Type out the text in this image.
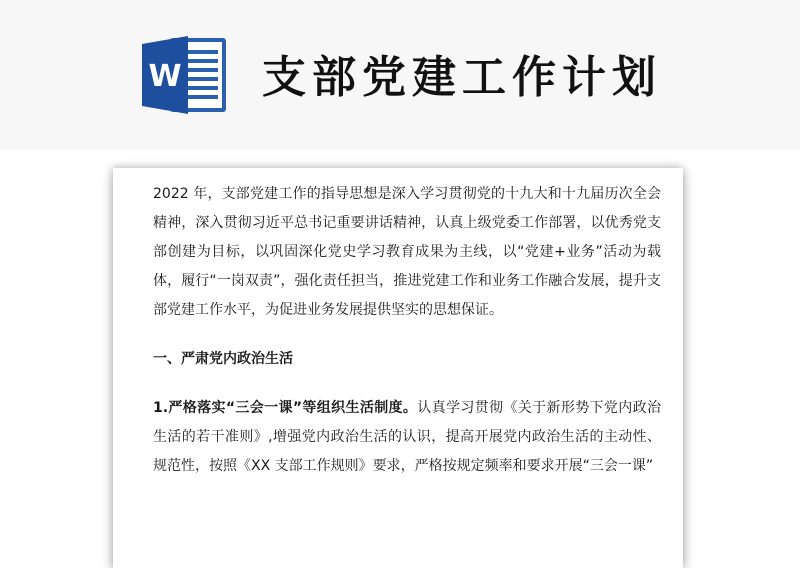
W 支部党建工作计划

2022 年，支部党建工作的指导思想是深入学习贯彻党的十九大和十九届历次全会精神，深入贯彻习近平总书记重要讲话精神，认真上级党委工作部署，以优秀党支部创建为目标，以巩固深化党史学习教育成果为主线，以“党建+业务”活动为载体，履行“一岗双责”，强化责任担当，推进党建工作和业务工作融合发展，提升支部党建工作水平，为促进业务发展提供坚实的思想保证。

一、严肃党内政治生活

1.严格落实“三会一课”等组织生活制度。认真学习贯彻《关于新形势下党内政治生活的若干准则》,增强党内政治生活的认识，提高开展党内政治生活的主动性、规范性，按照《XX 支部工作规则》要求，严格按规定频率和要求开展“三会一课”
